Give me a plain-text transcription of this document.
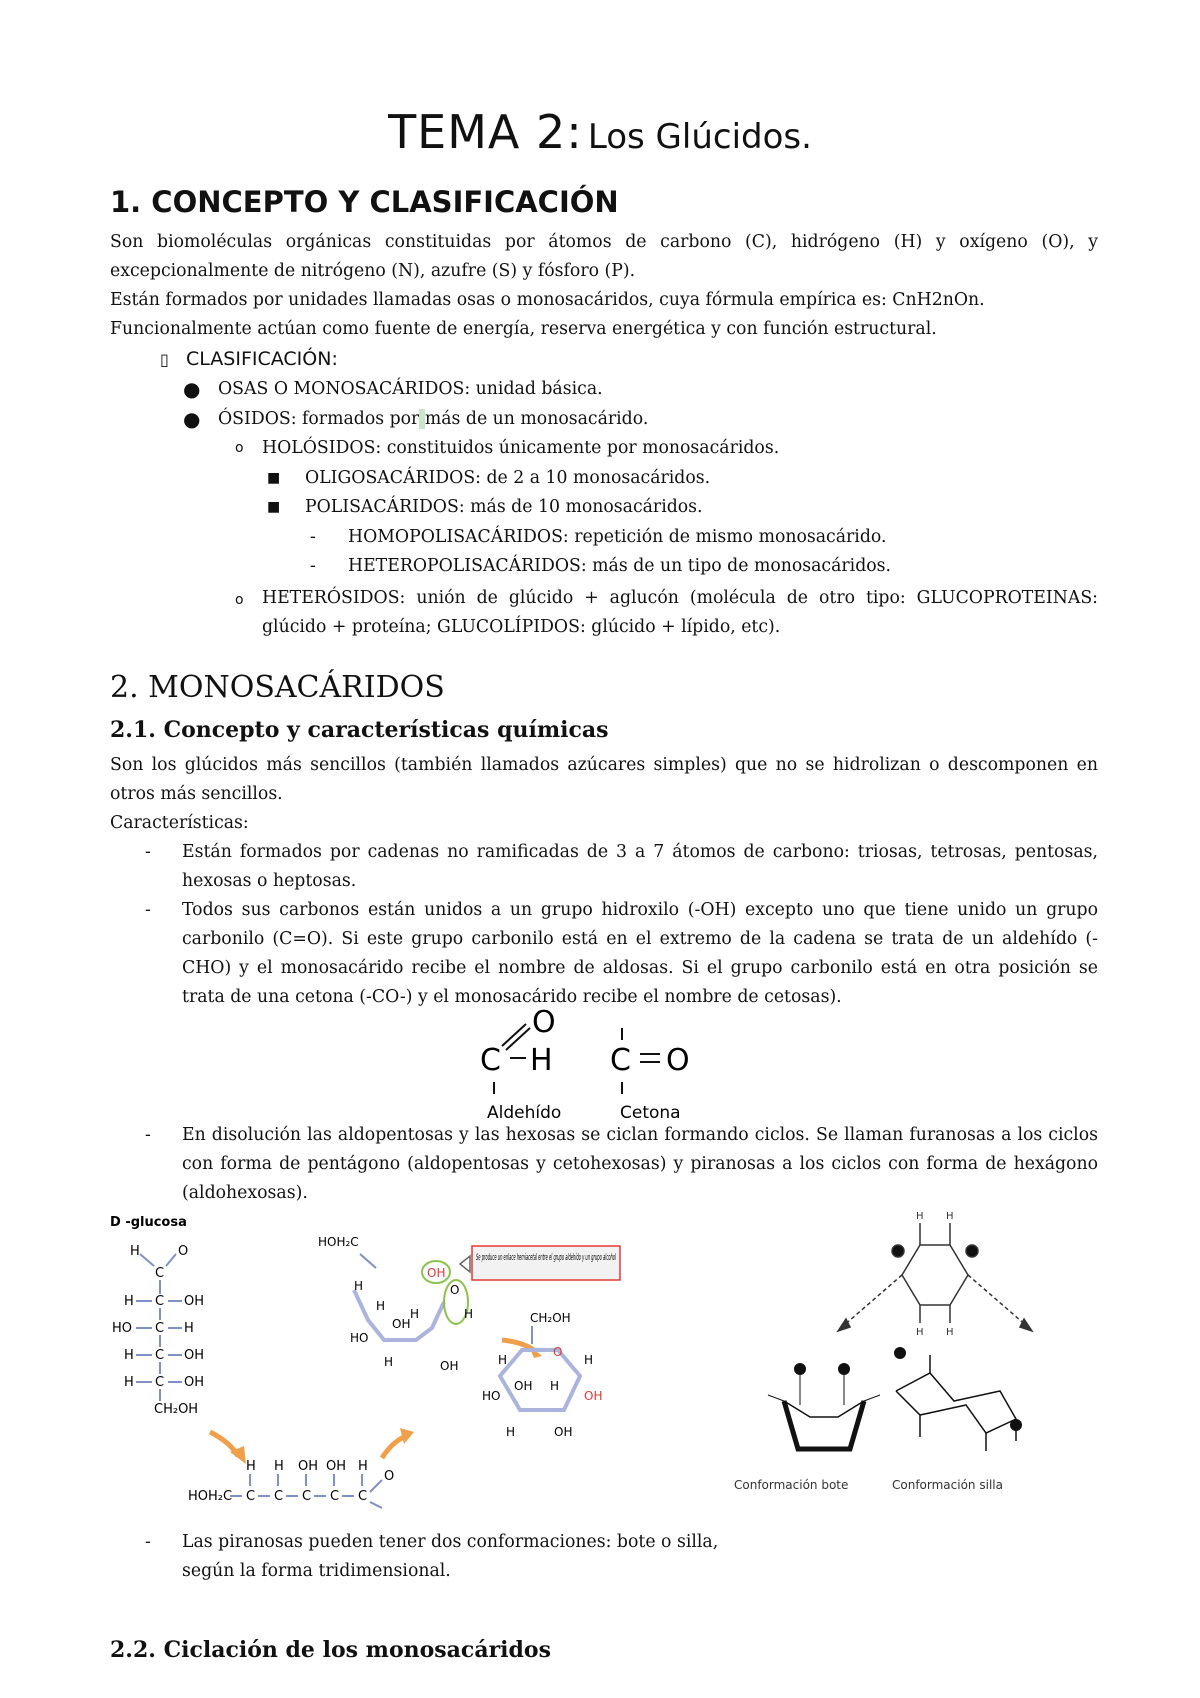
TEMA 2: Los Glúcidos.
1. CONCEPTO Y CLASIFICACIÓN
Son biomoléculas orgánicas constituidas por átomos de carbono (C), hidrógeno (H) y oxígeno (O), y excepcionalmente de nitrógeno (N), azufre (S) y fósforo (P).
Están formados por unidades llamadas osas o monosacáridos, cuya fórmula empírica es: CnH2nOn.
Funcionalmente actúan como fuente de energía, reserva energética y con función estructural.
▯ CLASIFICACIÓN:
● OSAS O MONOSACÁRIDOS: unidad básica.
● ÓSIDOS: formados por más de un monosacárido.
o HOLÓSIDOS: constituidos únicamente por monosacáridos.
■ OLIGOSACÁRIDOS: de 2 a 10 monosacáridos.
■ POLISACÁRIDOS: más de 10 monosacáridos.
- HOMOPOLISACÁRIDOS: repetición de mismo monosacárido.
- HETEROPOLISACÁRIDOS: más de un tipo de monosacáridos.
o HETERÓSIDOS: unión de glúcido + aglucón (molécula de otro tipo: GLUCOPROTEINAS: glúcido + proteína; GLUCOLÍPIDOS: glúcido + lípido, etc).
2. MONOSACÁRIDOS
2.1. Concepto y características químicas
Son los glúcidos más sencillos (también llamados azúcares simples) que no se hidrolizan o descomponen en otros más sencillos.
Características:
- Están formados por cadenas no ramificadas de 3 a 7 átomos de carbono: triosas, tetrosas, pentosas, hexosas o heptosas.
- Todos sus carbonos están unidos a un grupo hidroxilo (-OH) excepto uno que tiene unido un grupo carbonilo (C=O). Si este grupo carbonilo está en el extremo de la cadena se trata de un aldehído (-CHO) y el monosacárido recibe el nombre de aldosas. Si el grupo carbonilo está en otra posición se trata de una cetona (-CO-) y el monosacárido recibe el nombre de cetosas).
C
O
H
Aldehído
C O
Cetona
- En disolución las aldopentosas y las hexosas se ciclan formando ciclos. Se llaman furanosas a los ciclos con forma de pentágono (aldopentosas y cetohexosas) y piranosas a los ciclos con forma de hexágono (aldohexosas).
D -glucosa
H	O
C
H C OH
HO C H
H C OH
H C OH
CH₂OH
HOH₂C C C C C C
H H OH OH H
O
HOH₂C
OH
H
H
OH
HO
H
H	OH
O
H
Se produce un enlace hemiacetal entre el grupo aldehído y un grupo alcohol
CH₂OH
O
H	H
HO	OH
OH H
H	OH
H H
H H
Conformación bote	Conformación silla
- Las piranosas pueden tener dos conformaciones: bote o silla, según la forma tridimensional.
2.2. Ciclación de los monosacáridos
